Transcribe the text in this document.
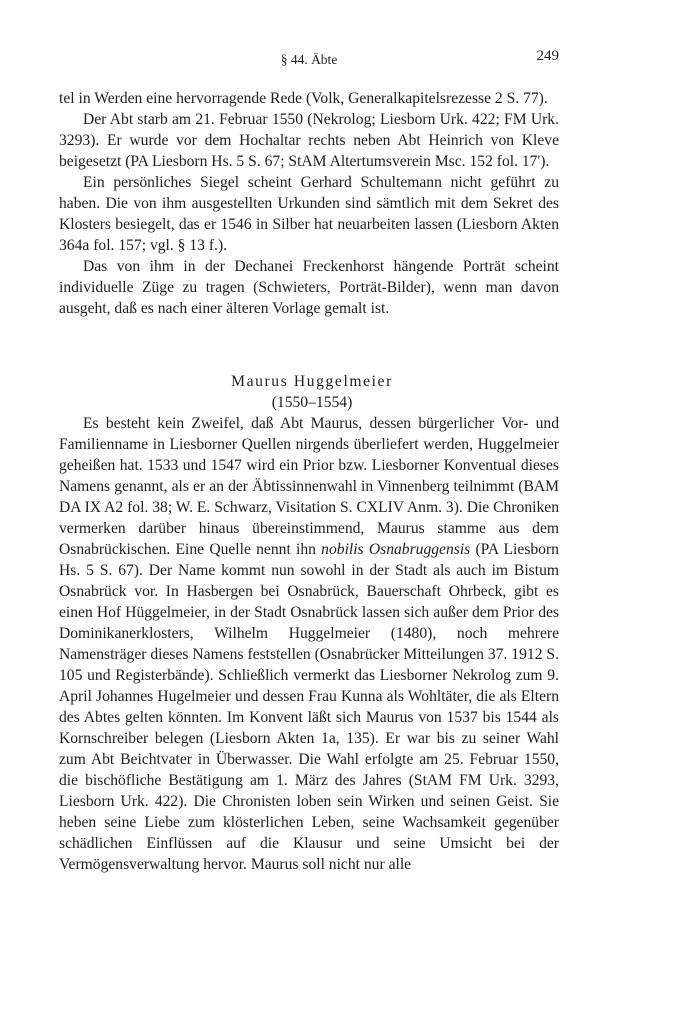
§ 44. Äbte	249

tel in Werden eine hervorragende Rede (Volk, Generalkapitelsrezesse 2 S. 77).

Der Abt starb am 21. Februar 1550 (Nekrolog; Liesborn Urk. 422; FM Urk. 3293). Er wurde vor dem Hochaltar rechts neben Abt Heinrich von Kleve beigesetzt (PA Liesborn Hs. 5 S. 67; StAM Altertumsverein Msc. 152 fol. 17').

Ein persönliches Siegel scheint Gerhard Schultemann nicht geführt zu haben. Die von ihm ausgestellten Urkunden sind sämtlich mit dem Sekret des Klosters besiegelt, das er 1546 in Silber hat neuarbeiten lassen (Liesborn Akten 364a fol. 157; vgl. § 13 f.).

Das von ihm in der Dechanei Freckenhorst hängende Porträt scheint individuelle Züge zu tragen (Schwieters, Porträt-Bilder), wenn man davon ausgeht, daß es nach einer älteren Vorlage gemalt ist.

Maurus Huggelmeier
(1550–1554)

Es besteht kein Zweifel, daß Abt Maurus, dessen bürgerlicher Vor- und Familienname in Liesborner Quellen nirgends überliefert werden, Huggelmeier geheißen hat. 1533 und 1547 wird ein Prior bzw. Liesborner Konventual dieses Namens genannt, als er an der Äbtissinnenwahl in Vinnenberg teilnimmt (BAM DA IX A2 fol. 38; W. E. Schwarz, Visitation S. CXLIV Anm. 3). Die Chroniken vermerken darüber hinaus übereinstimmend, Maurus stamme aus dem Osnabrückischen. Eine Quelle nennt ihn nobilis Osnabruggensis (PA Liesborn Hs. 5 S. 67). Der Name kommt nun sowohl in der Stadt als auch im Bistum Osnabrück vor. In Hasbergen bei Osnabrück, Bauerschaft Ohrbeck, gibt es einen Hof Hüggelmeier, in der Stadt Osnabrück lassen sich außer dem Prior des Dominikanerklosters, Wilhelm Huggelmeier (1480), noch mehrere Namensträger dieses Namens feststellen (Osnabrücker Mitteilungen 37. 1912 S. 105 und Registerbände). Schließlich vermerkt das Liesborner Nekrolog zum 9. April Johannes Hugelmeier und dessen Frau Kunna als Wohltäter, die als Eltern des Abtes gelten könnten. Im Konvent läßt sich Maurus von 1537 bis 1544 als Kornschreiber belegen (Liesborn Akten 1a, 135). Er war bis zu seiner Wahl zum Abt Beichtvater in Überwasser. Die Wahl erfolgte am 25. Februar 1550, die bischöfliche Bestätigung am 1. März des Jahres (StAM FM Urk. 3293, Liesborn Urk. 422). Die Chronisten loben sein Wirken und seinen Geist. Sie heben seine Liebe zum klösterlichen Leben, seine Wachsamkeit gegenüber schädlichen Einflüssen auf die Klausur und seine Umsicht bei der Vermögensverwaltung hervor. Maurus soll nicht nur alle
